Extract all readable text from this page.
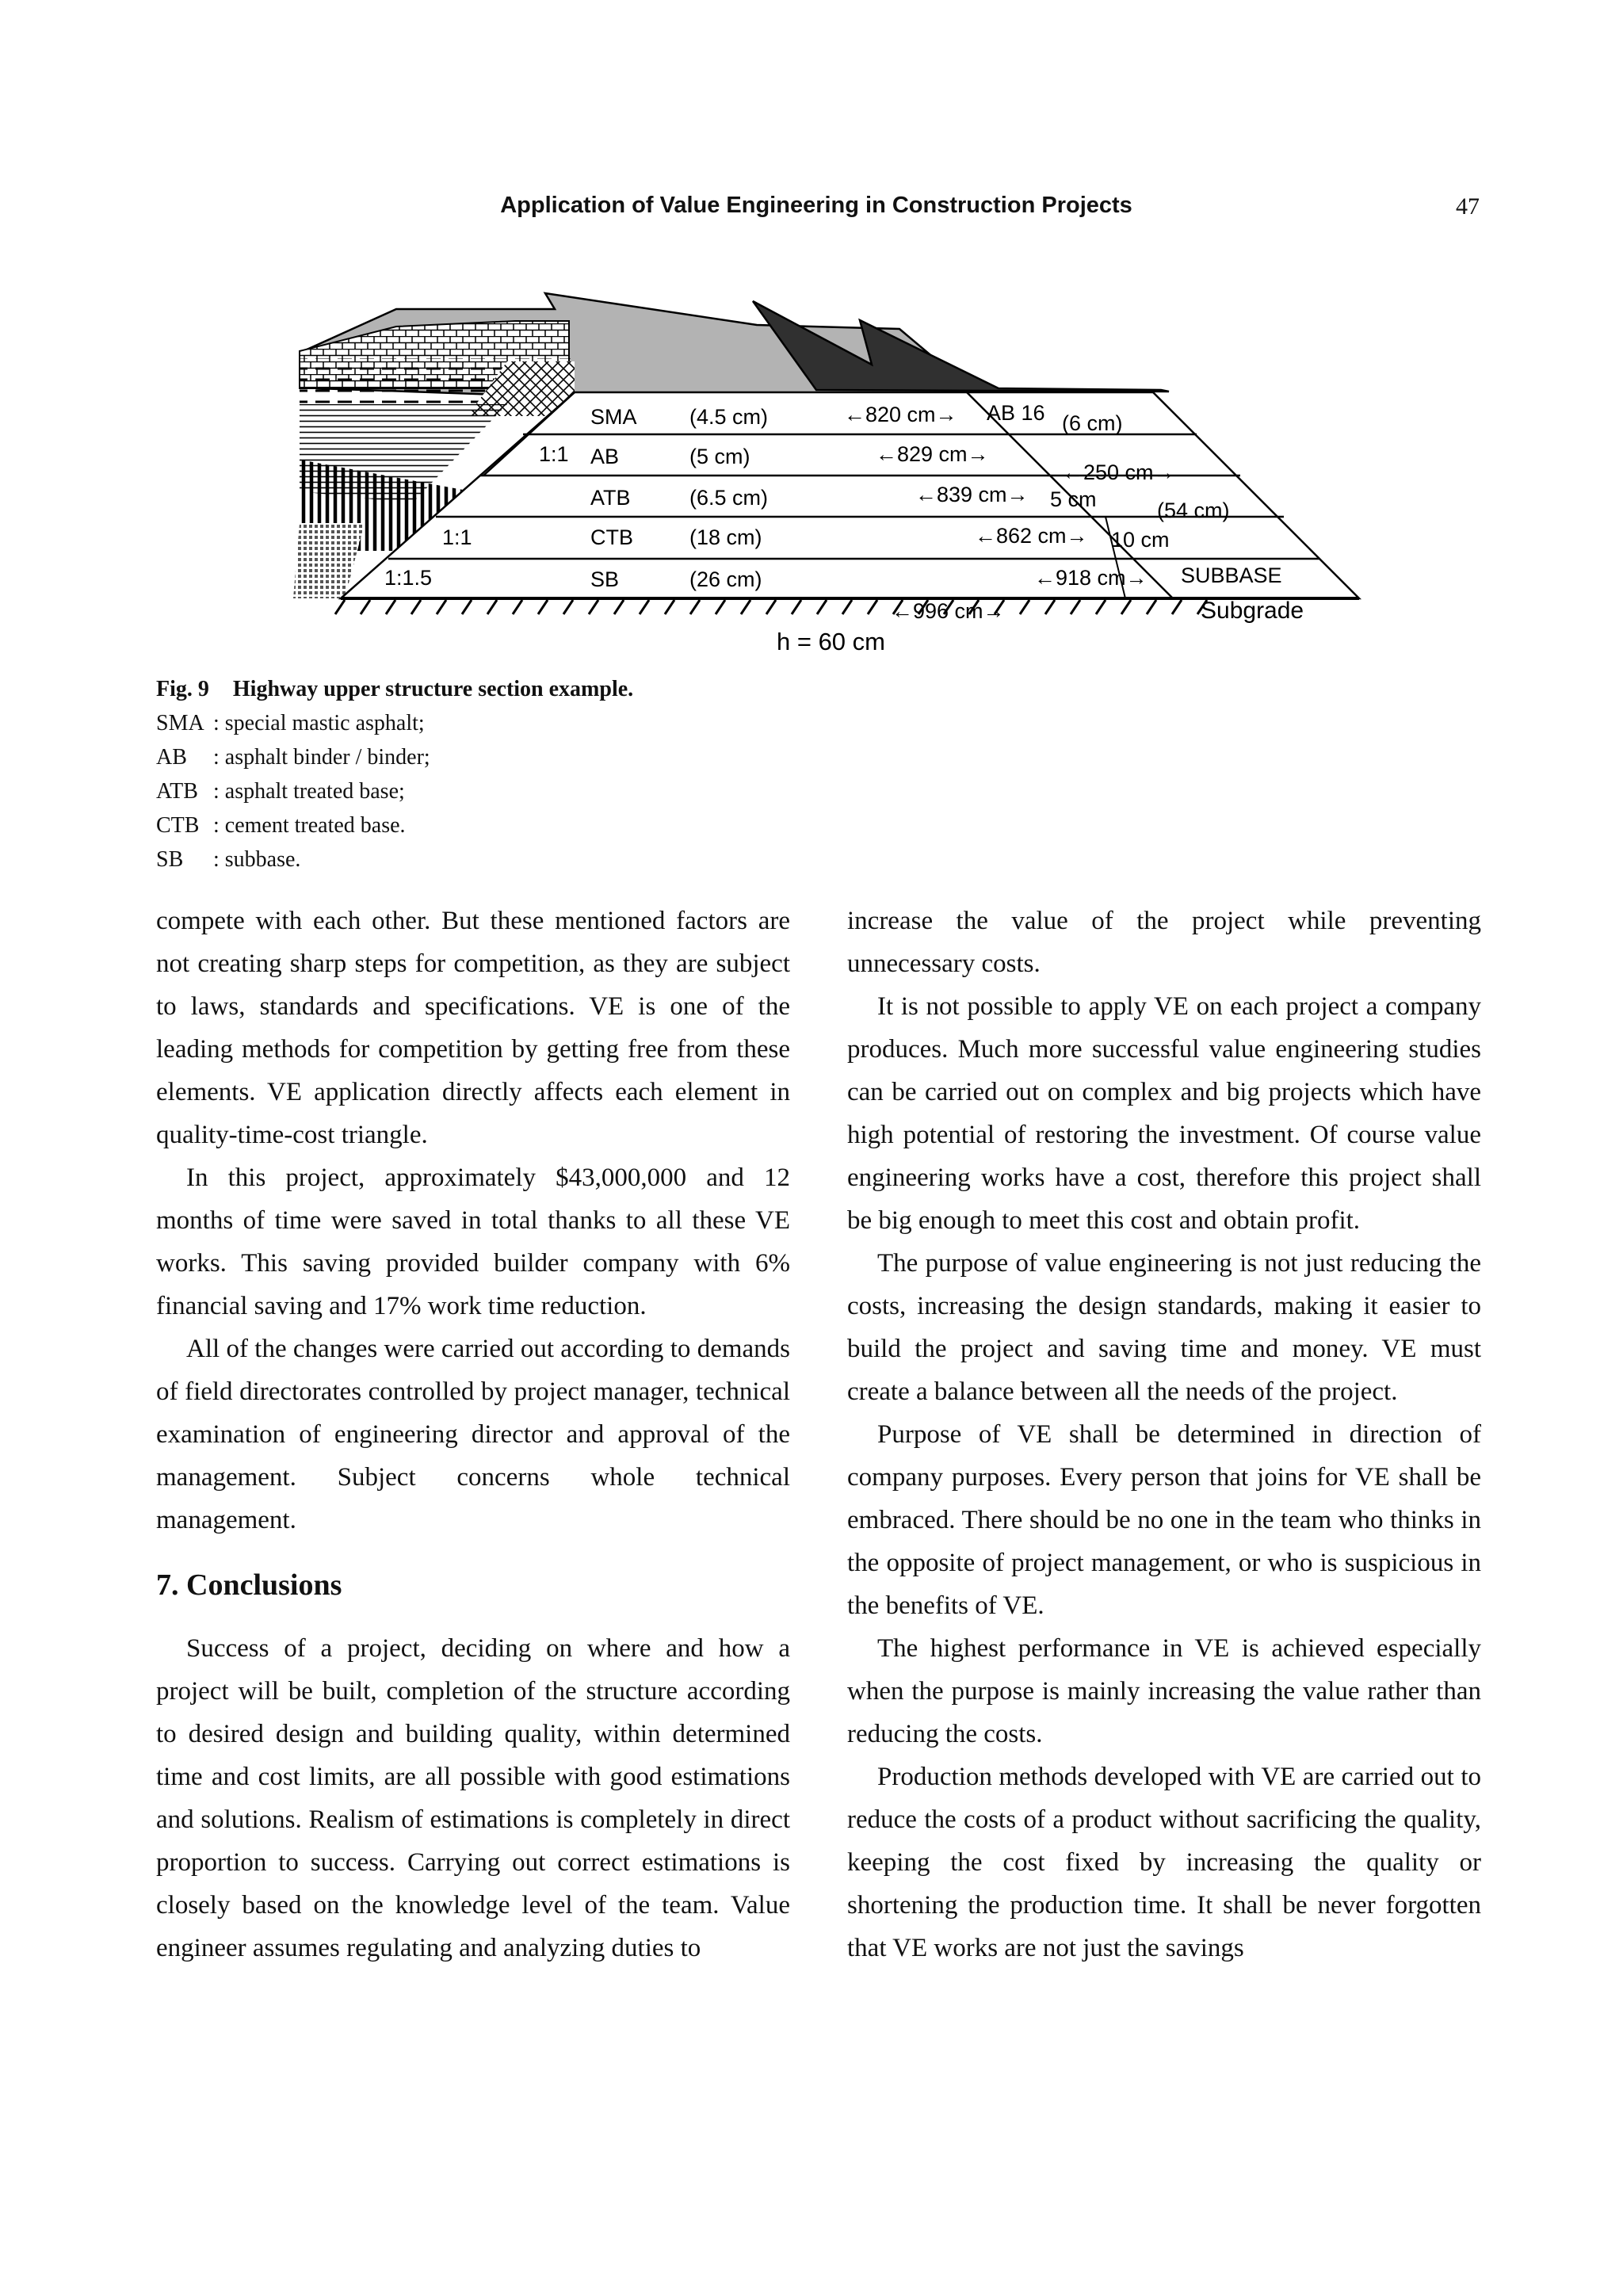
Application of Value Engineering in Construction Projects	47
SMA (4.5 cm)	←820 cm→
1:1 AB	(5 cm)	←829 cm→
ATB	(6.5 cm)	←839 cm→
1:1	CTB	(18 cm)	←862 cm→
1:1.5	SB	(26 cm)	←918 cm→
AB 16 (6 cm)
←250 cm→
5 cm	(54 cm)
10 cm
SUBBASE
←996 cm→	Subgrade
h = 60 cm
Fig. 9 Highway upper structure section example.
SMA : special mastic asphalt;
AB : asphalt binder / binder;
ATB : asphalt treated base;
CTB : cement treated base.
SB : subbase.

compete with each other. But these mentioned factors are not creating sharp steps for competition, as they are subject to laws, standards and specifications. VE is one of the leading methods for competition by getting free from these elements. VE application directly affects each element in quality-time-cost triangle.

In this project, approximately $43,000,000 and 12 months of time were saved in total thanks to all these VE works. This saving provided builder company with 6% financial saving and 17% work time reduction.

All of the changes were carried out according to demands of field directorates controlled by project manager, technical examination of engineering director and approval of the management. Subject concerns whole technical management.

7. Conclusions

Success of a project, deciding on where and how a project will be built, completion of the structure according to desired design and building quality, within determined time and cost limits, are all possible with good estimations and solutions. Realism of estimations is completely in direct proportion to success. Carrying out correct estimations is closely based on the knowledge level of the team. Value engineer assumes regulating and analyzing duties to

increase the value of the project while preventing unnecessary costs.

It is not possible to apply VE on each project a company produces. Much more successful value engineering studies can be carried out on complex and big projects which have high potential of restoring the investment. Of course value engineering works have a cost, therefore this project shall be big enough to meet this cost and obtain profit.

The purpose of value engineering is not just reducing the costs, increasing the design standards, making it easier to build the project and saving time and money. VE must create a balance between all the needs of the project.

Purpose of VE shall be determined in direction of company purposes. Every person that joins for VE shall be embraced. There should be no one in the team who thinks in the opposite of project management, or who is suspicious in the benefits of VE.

The highest performance in VE is achieved especially when the purpose is mainly increasing the value rather than reducing the costs.

Production methods developed with VE are carried out to reduce the costs of a product without sacrificing the quality, keeping the cost fixed by increasing the quality or shortening the production time. It shall be never forgotten that VE works are not just the savings
